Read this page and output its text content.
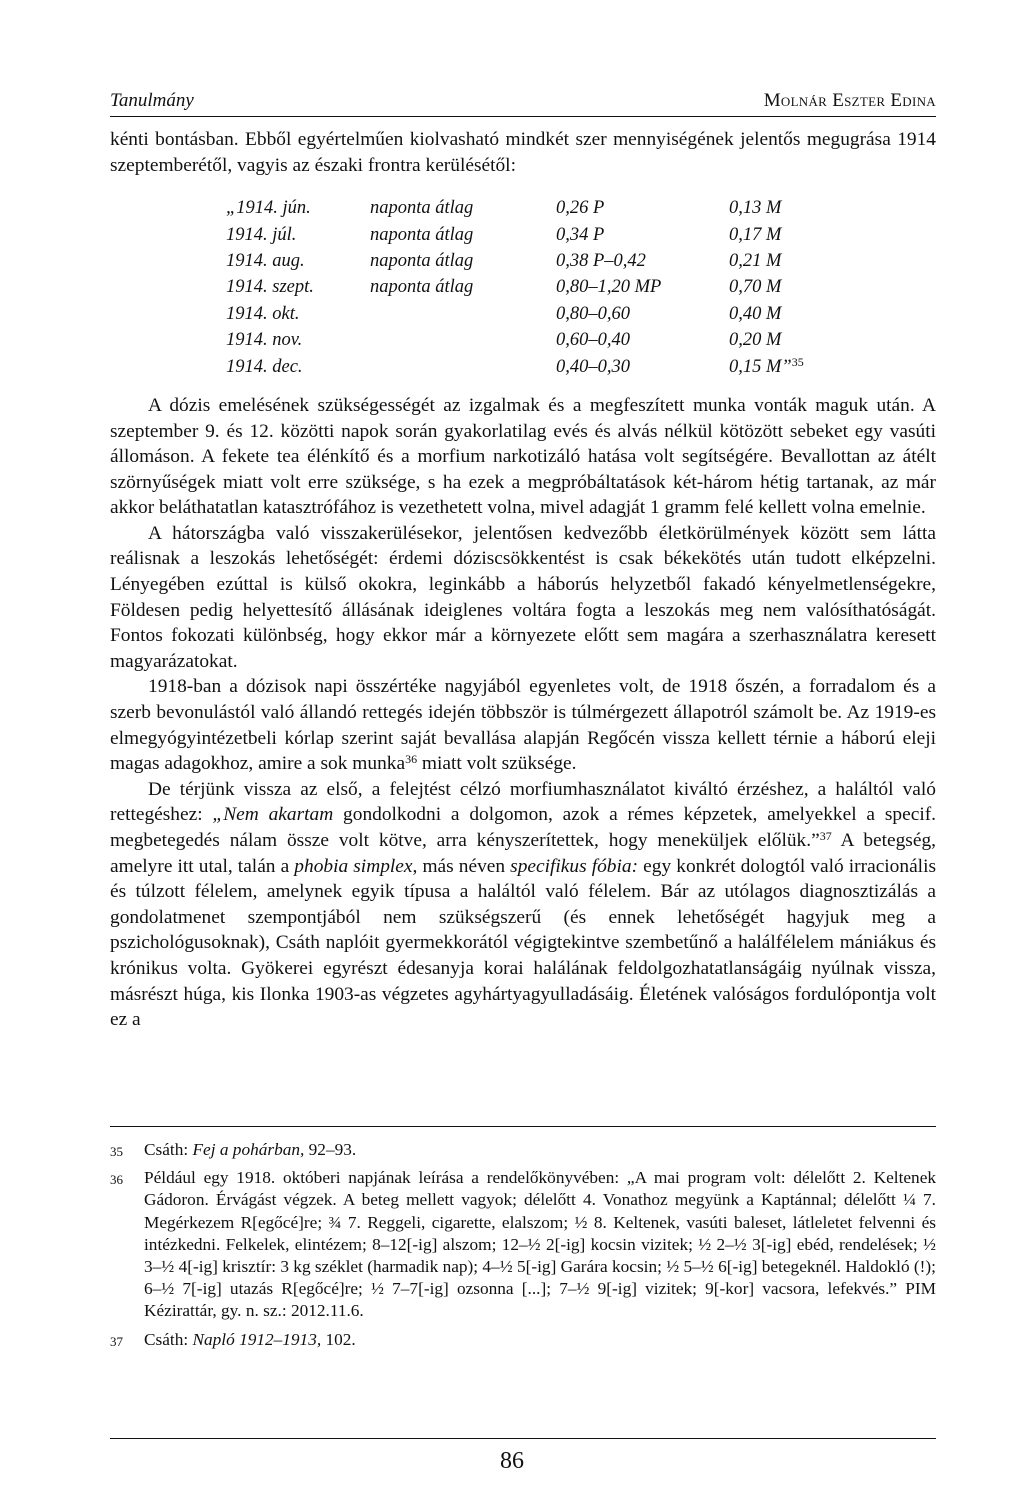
Tanulmány	Molnár Eszter Edina

kénti bontásban. Ebből egyértelműen kiolvasható mindkét szer mennyiségének jelentős megugrása 1914 szeptemberétől, vagyis az északi frontra kerülésétől:

„1914. jún.	naponta átlag	0,26 P	0,13 M
1914. júl.	naponta átlag	0,34 P	0,17 M
1914. aug.	naponta átlag	0,38 P–0,42	0,21 M
1914. szept.	naponta átlag	0,80–1,20 MP	0,70 M
1914. okt.		0,80–0,60	0,40 M
1914. nov.		0,60–0,40	0,20 M
1914. dec.		0,40–0,30	0,15 M”$^{35}$

A dózis emelésének szükségességét az izgalmak és a megfeszített munka vonták maguk után. A szeptember 9. és 12. közötti napok során gyakorlatilag evés és alvás nélkül kötözött sebeket egy vasúti állomáson. A fekete tea élénkítő és a morfium narkotizáló hatása volt segítségére. Bevallottan az átélt szörnyűségek miatt volt erre szüksége, s ha ezek a megpróbáltatások két-három hétig tartanak, az már akkor beláthatatlan katasztrófához is vezethetett volna, mivel adagját 1 gramm felé kellett volna emelnie.

A hátországba való visszakerülésekor, jelentősen kedvezőbb életkörülmények között sem látta reálisnak a leszokás lehetőségét: érdemi dóziscsökkentést is csak békekötés után tudott elképzelni. Lényegében ezúttal is külső okokra, leginkább a háborús helyzetből fakadó kényelmetlenségekre, Földesen pedig helyettesítő állásának ideiglenes voltára fogta a leszokás meg nem valósíthatóságát. Fontos fokozati különbség, hogy ekkor már a környezete előtt sem magára a szerhasználatra keresett magyarázatokat.

1918-ban a dózisok napi összértéke nagyjából egyenletes volt, de 1918 őszén, a forradalom és a szerb bevonulástól való állandó rettegés idején többször is túlmérgezett állapotról számolt be. Az 1919-es elmegyógyintézetbeli kórlap szerint saját bevallása alapján Regőcén vissza kellett térnie a háború eleji magas adagokhoz, amire a sok munka$^{36}$ miatt volt szüksége.

De térjünk vissza az első, a felejtést célzó morfiumhasználatot kiváltó érzéshez, a haláltól való rettegéshez: „Nem akartam gondolkodni a dolgomon, azok a rémes képzetek, amelyekkel a specif. megbetegedés nálam össze volt kötve, arra kényszerítettek, hogy meneküljek előlük.”$^{37}$ A betegség, amelyre itt utal, talán a phobia simplex, más néven specifikus fóbia: egy konkrét dologtól való irracionális és túlzott félelem, amelynek egyik típusa a haláltól való félelem. Bár az utólagos diagnosztizálás a gondolatmenet szempontjából nem szükségszerű (és ennek lehetőségét hagyjuk meg a pszichológusoknak), Csáth naplóit gyermekkorától végigtekintve szembetűnő a halálfélelem mániákus és krónikus volta. Gyökerei egyrészt édesanyja korai halálának feldolgozhatatlanságáig nyúlnak vissza, másrészt húga, kis Ilonka 1903-as végzetes agyhártyagyulladásáig. Életének valóságos fordulópontja volt ez a

35 Csáth: Fej a pohárban, 92–93.
36 Például egy 1918. októberi napjának leírása a rendelőkönyvében: „A mai program volt: délelőtt 2. Keltenek Gádoron. Érvágást végzek. A beteg mellett vagyok; délelőtt 4. Vonathoz megyünk a Kaptánnal; délelőtt ¼ 7. Megérkezem R[egőcé]re; ¾ 7. Reggeli, cigarette, elalszom; ½ 8. Keltenek, vasúti baleset, látleletet felvenni és intézkedni. Felkelek, elintézem; 8–12[-ig] alszom; 12–½ 2[-ig] kocsin vizitek; ½ 2–½ 3[-ig] ebéd, rendelések; ½ 3–½ 4[-ig] krisztír: 3 kg széklet (harmadik nap); 4–½ 5[-ig] Garára kocsin; ½ 5–½ 6[-ig] betegeknél. Haldokló (!); 6–½ 7[-ig] utazás R[egőcé]re; ½ 7–7[-ig] ozsonna [...]; 7–½ 9[-ig] vizitek; 9[-kor] vacsora, lefekvés.” PIM Kézirattár, gy. n. sz.: 2012.11.6.
37 Csáth: Napló 1912–1913, 102.
86
